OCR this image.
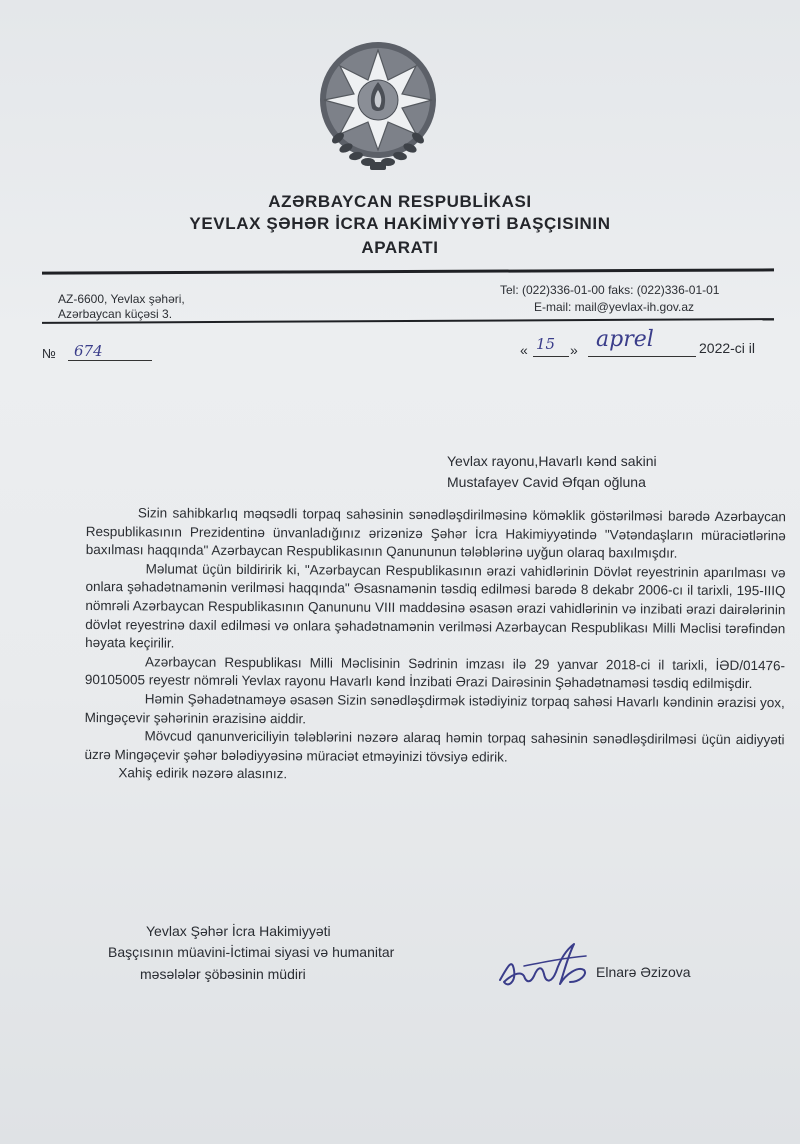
AZƏRBAYCAN RESPUBLİKASI
YEVLAX ŞƏHƏR İCRA HAKİMİYYƏTİ BAŞÇISININ
APARATI
AZ-6600, Yevlax şəhəri,
Azərbaycan küçəsi 3.
Tel: (022)336-01-00 faks: (022)336-01-01
E-mail: mail@yevlax-ih.gov.az
№ 674	« 15 » aprel	2022-ci il
Yevlax rayonu,Havarlı kənd sakini
Mustafayev Cavid Əfqan oğluna

Sizin sahibkarlıq məqsədli torpaq sahəsinin sənədləşdirilməsinə köməklik göstərilməsi barədə Azərbaycan Respublikasının Prezidentinə ünvanladığınız ərizənizə Şəhər İcra Hakimiyyətində "Vətəndaşların müraciətlərinə baxılması haqqında" Azərbaycan Respublikasının Qanununun tələblərinə uyğun olaraq baxılmışdır.

Məlumat üçün bildiririk ki, "Azərbaycan Respublikasının ərazi vahidlərinin Dövlət reyestrinin aparılması və onlara şəhadətnamənin verilməsi haqqında" Əsasnamənin təsdiq edilməsi barədə 8 dekabr 2006-cı il tarixli, 195-IIIQ nömrəli Azərbaycan Respublikasının Qanununu VIII maddəsinə əsasən ərazi vahidlərinin və inzibati ərazi dairələrinin dövlət reyestrinə daxil edilməsi və onlara şəhadətnamənin verilməsi Azərbaycan Respublikası Milli Məclisi tərəfindən həyata keçirilir.

Azərbaycan Respublikası Milli Məclisinin Sədrinin imzası ilə 29 yanvar 2018-ci il tarixli, İƏD/01476-90105005 reyestr nömrəli Yevlax rayonu Havarlı kənd İnzibati Ərazi Dairəsinin Şəhadətnaməsi təsdiq edilmişdir.

Həmin Şəhadətnaməyə əsasən Sizin sənədləşdirmək istədiyiniz torpaq sahəsi Havarlı kəndinin ərazisi yox, Mingəçevir şəhərinin ərazisinə aiddir.

Mövcud qanunvericiliyin tələblərini nəzərə alaraq həmin torpaq sahəsinin sənədləşdirilməsi üçün aidiyyəti üzrə Mingəçevir şəhər bələdiyyəsinə müraciət etməyinizi tövsiyə edirik.

Xahiş edirik nəzərə alasınız.

Yevlax Şəhər İcra Hakimiyyəti
Başçısının müavini-İctimai siyasi və humanitar
məsələlər şöbəsinin müdiri	Elnarə Əzizova
